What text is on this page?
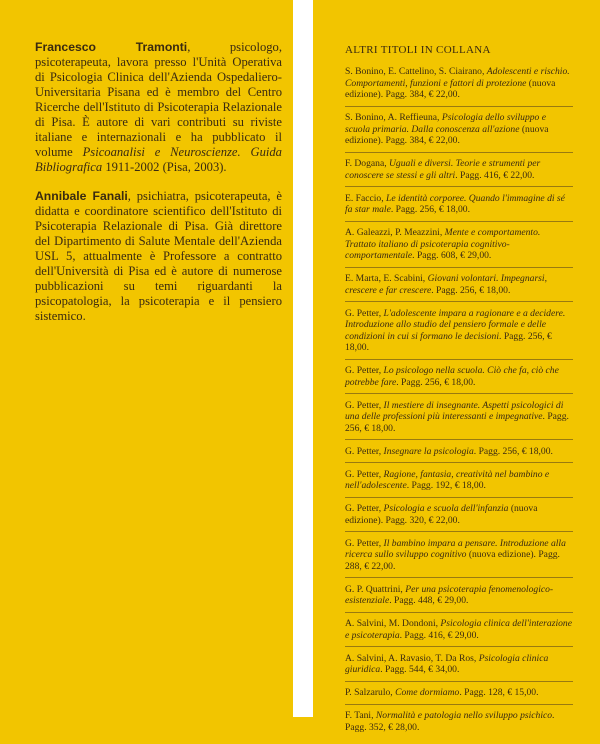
Francesco Tramonti, psicologo, psicoterapeuta, lavora presso l'Unità Operativa di Psicologia Clinica dell'Azienda Ospedaliero-Universitaria Pisana ed è membro del Centro Ricerche dell'Istituto di Psicoterapia Relazionale di Pisa. È autore di vari contributi su riviste italiane e internazionali e ha pubblicato il volume Psicoanalisi e Neuroscienze. Guida Bibliografica 1911-2002 (Pisa, 2003).

Annibale Fanali, psichiatra, psicoterapeuta, è didatta e coordinatore scientifico dell'Istituto di Psicoterapia Relazionale di Pisa. Già direttore del Dipartimento di Salute Mentale dell'Azienda USL 5, attualmente è Professore a contratto dell'Università di Pisa ed è autore di numerose pubblicazioni su temi riguardanti la psicopatologia, la psicoterapia e il pensiero sistemico.

ALTRI TITOLI IN COLLANA

S. Bonino, E. Cattelino, S. Ciairano, Adolescenti e rischio. Comportamenti, funzioni e fattori di protezione (nuova edizione). Pagg. 384, € 22,00.

S. Bonino, A. Reffieuna, Psicologia dello sviluppo e scuola primaria. Dalla conoscenza all'azione (nuova edizione). Pagg. 384, € 22,00.

F. Dogana, Uguali e diversi. Teorie e strumenti per conoscere se stessi e gli altri. Pagg. 416, € 22,00.

E. Faccio, Le identità corporee. Quando l'immagine di sé fa star male. Pagg. 256, € 18,00.

A. Galeazzi, P. Meazzini, Mente e comportamento. Trattato italiano di psicoterapia cognitivo-comportamentale. Pagg. 608, € 29,00.

E. Marta, E. Scabini, Giovani volontari. Impegnarsi, crescere e far crescere. Pagg. 256, € 18,00.

G. Petter, L'adolescente impara a ragionare e a decidere. Introduzione allo studio del pensiero formale e delle condizioni in cui si formano le decisioni. Pagg. 256, € 18,00.

G. Petter, Lo psicologo nella scuola. Ciò che fa, ciò che potrebbe fare. Pagg. 256, € 18,00.

G. Petter, Il mestiere di insegnante. Aspetti psicologici di una delle professioni più interessanti e impegnative. Pagg. 256, € 18,00.

G. Petter, Insegnare la psicologia. Pagg. 256, € 18,00.

G. Petter, Ragione, fantasia, creatività nel bambino e nell'adolescente. Pagg. 192, € 18,00.

G. Petter, Psicologia e scuola dell'infanzia (nuova edizione). Pagg. 320, € 22,00.

G. Petter, Il bambino impara a pensare. Introduzione alla ricerca sullo sviluppo cognitivo (nuova edizione). Pagg. 288, € 22,00.

G. P. Quattrini, Per una psicoterapia fenomenologico-esistenziale. Pagg. 448, € 29,00.

A. Salvini, M. Dondoni, Psicologia clinica dell'interazione e psicoterapia. Pagg. 416, € 29,00.

A. Salvini, A. Ravasio, T. Da Ros, Psicologia clinica giuridica. Pagg. 544, € 34,00.

P. Salzarulo, Come dormiamo. Pagg. 128, € 15,00.

F. Tani, Normalità e patologia nello sviluppo psichico. Pagg. 352, € 28,00.
